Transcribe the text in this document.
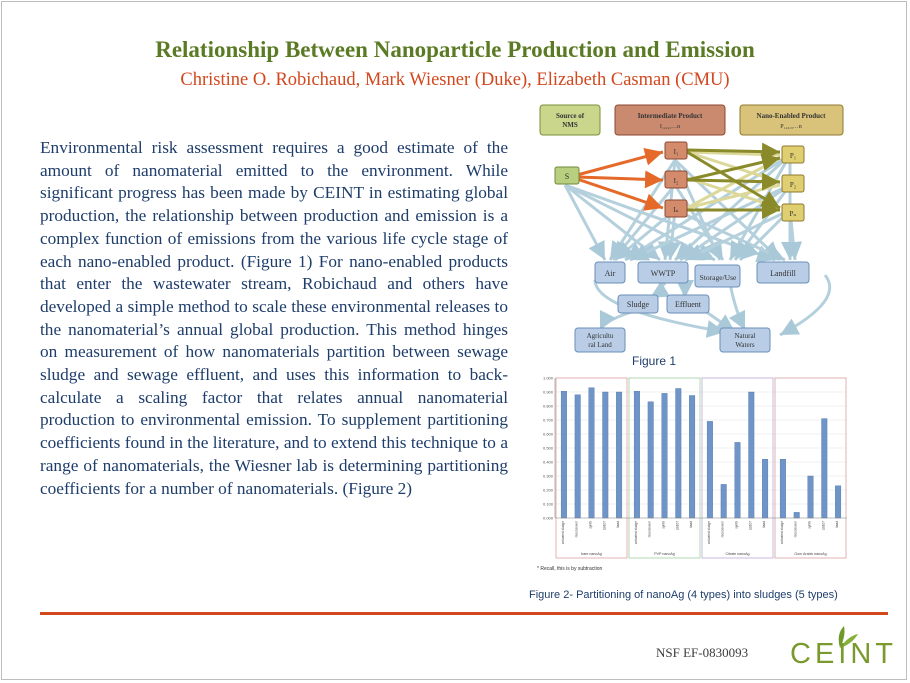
Relationship Between Nanoparticle Production and Emission
Christine O. Robichaud, Mark Wiesner (Duke), Elizabeth Casman (CMU)
Environmental risk assessment requires a good estimate of the amount of nanomaterial emitted to the environment. While significant progress has been made by CEINT in estimating global production, the relationship between production and emission is a complex function of emissions from the various life cycle stage of each nano-enabled product. (Figure 1) For nano-enabled products that enter the wastewater stream, Robichaud and others have developed a simple method to scale these environmental releases to the nanomaterial’s annual global production. This method hinges on measurement of how nanomaterials partition between sewage sludge and sewage effluent, and uses this information to back-calculate a scaling factor that relates annual nanomaterial production to environmental emission. To supplement partitioning coefficients found in the literature, and to extend this technique to a range of nanomaterials, the Wiesner lab is determining partitioning coefficients for a number of nanomaterials. (Figure 2)
Source of
NMS
Intermediate Product
I₁,₂,₃…n
Nano-Enabled Product
P₁,₂,₃…n
S
I₁
I₂
Iₙ
P₁
P₂
Pₙ
Air	WWTP	Storage/Use	Landfill
Sludge	Effluent
Agricultu
ral Land
Natural
Waters
Figure 1
0.000
0.100
0.200
0.300
0.400
0.500
0.600
0.700
0.800
0.900
1.000
activated sludge	mesosewer	synth	LB107	liaad
bare nanoAg
activated sludge	mesosewer	synth	LB107	liaad
PVP nanoAg
activated sludge	mesosewer	synth	LB107	liaad
Citrate nanoAg
activated sludge	mesosewer	synth	LB107	liaad
Gum Arabic nanoAg
* Recall, this is by subtraction
Figure 2- Partitioning of nanoAg (4 types) into sludges (5 types)
NSF EF-0830093 CEINT
